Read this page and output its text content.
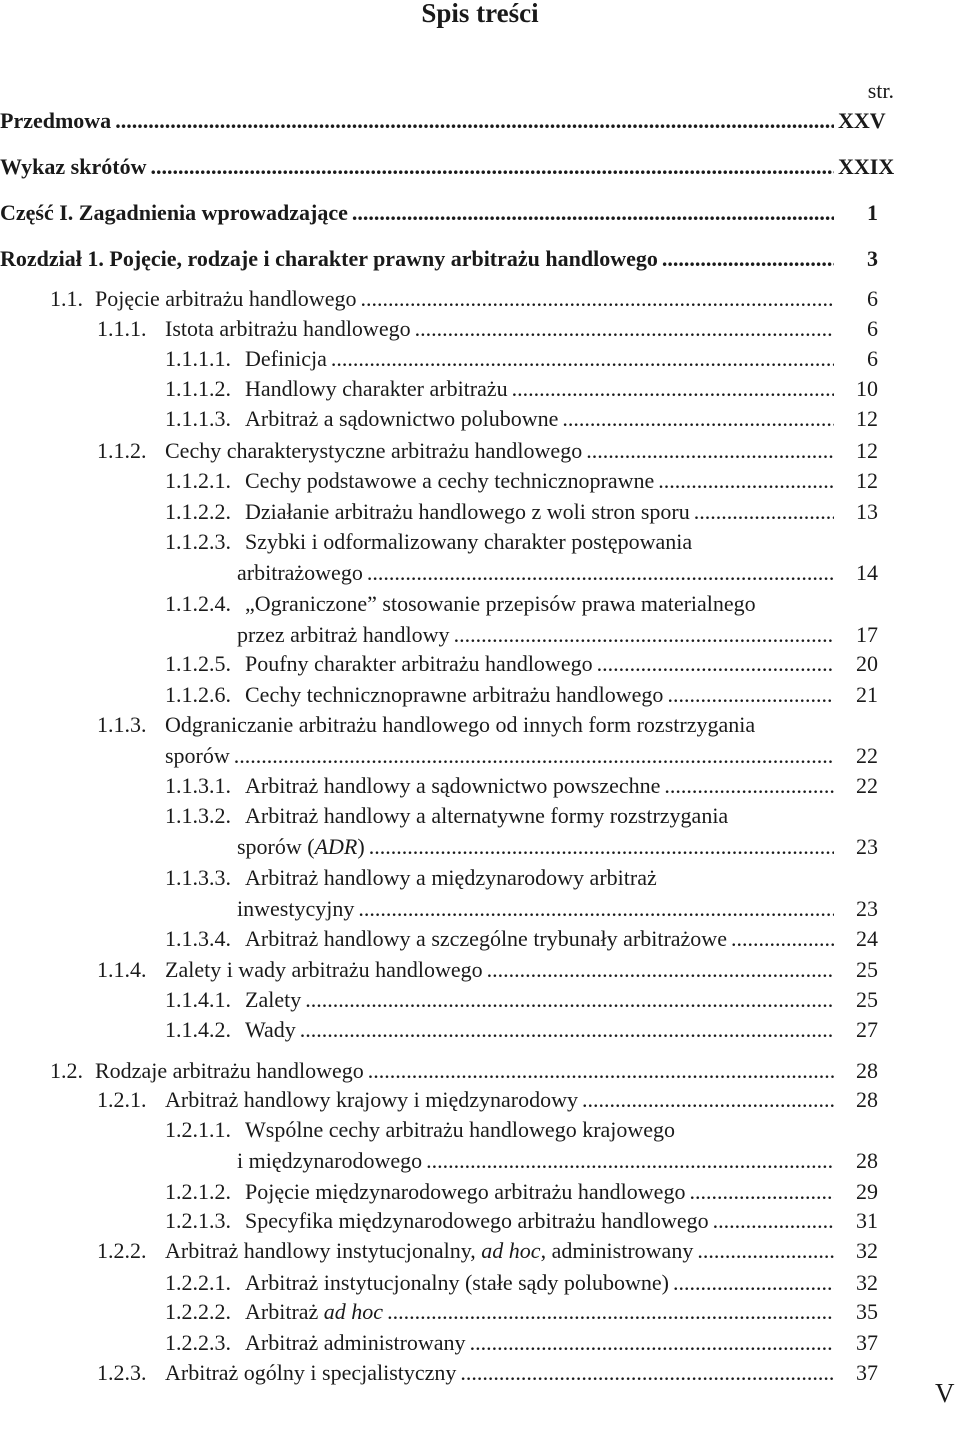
Spis treści
str.
Przedmowa .....	XXV
Wykaz skrótów .....	XXIX
Część I. Zagadnienia wprowadzające .....	1
Rozdział 1. Pojęcie, rodzaje i charakter prawny arbitrażu handlowego .....	3
1.1. Pojęcie arbitrażu handlowego .....	6
1.1.1. Istota arbitrażu handlowego .....	6
1.1.1.1. Definicja .....	6
1.1.1.2. Handlowy charakter arbitrażu .....	10
1.1.1.3. Arbitraż a sądownictwo polubowne .....	12
1.1.2. Cechy charakterystyczne arbitrażu handlowego .....	12
1.1.2.1. Cechy podstawowe a cechy technicznoprawne .....	12
1.1.2.2. Działanie arbitrażu handlowego z woli stron sporu .....	13
1.1.2.3. Szybki i odformalizowany charakter postępowania
arbitrażowego .....	14
1.1.2.4. „Ograniczone” stosowanie przepisów prawa materialnego
przez arbitraż handlowy .....	17
1.1.2.5. Poufny charakter arbitrażu handlowego .....	20
1.1.2.6. Cechy technicznoprawne arbitrażu handlowego .....	21
1.1.3. Odgraniczanie arbitrażu handlowego od innych form rozstrzygania
sporów .....	22
1.1.3.1. Arbitraż handlowy a sądownictwo powszechne .....	22
1.1.3.2. Arbitraż handlowy a alternatywne formy rozstrzygania
sporów (ADR) .....	23
1.1.3.3. Arbitraż handlowy a międzynarodowy arbitraż
inwestycyjny .....	23
1.1.3.4. Arbitraż handlowy a szczególne trybunały arbitrażowe .....	24
1.1.4. Zalety i wady arbitrażu handlowego .....	25
1.1.4.1. Zalety .....	25
1.1.4.2. Wady .....	27
1.2. Rodzaje arbitrażu handlowego .....	28
1.2.1. Arbitraż handlowy krajowy i międzynarodowy .....	28
1.2.1.1. Wspólne cechy arbitrażu handlowego krajowego
i międzynarodowego .....	28
1.2.1.2. Pojęcie międzynarodowego arbitrażu handlowego .....	29
1.2.1.3. Specyfika międzynarodowego arbitrażu handlowego .....	31
1.2.2. Arbitraż handlowy instytucjonalny, ad hoc, administrowany .....	32
1.2.2.1. Arbitraż instytucjonalny (stałe sądy polubowne) .....	32
1.2.2.2. Arbitraż ad hoc .....	35
1.2.2.3. Arbitraż administrowany .....	37
1.2.3. Arbitraż ogólny i specjalistyczny .....	37
V
